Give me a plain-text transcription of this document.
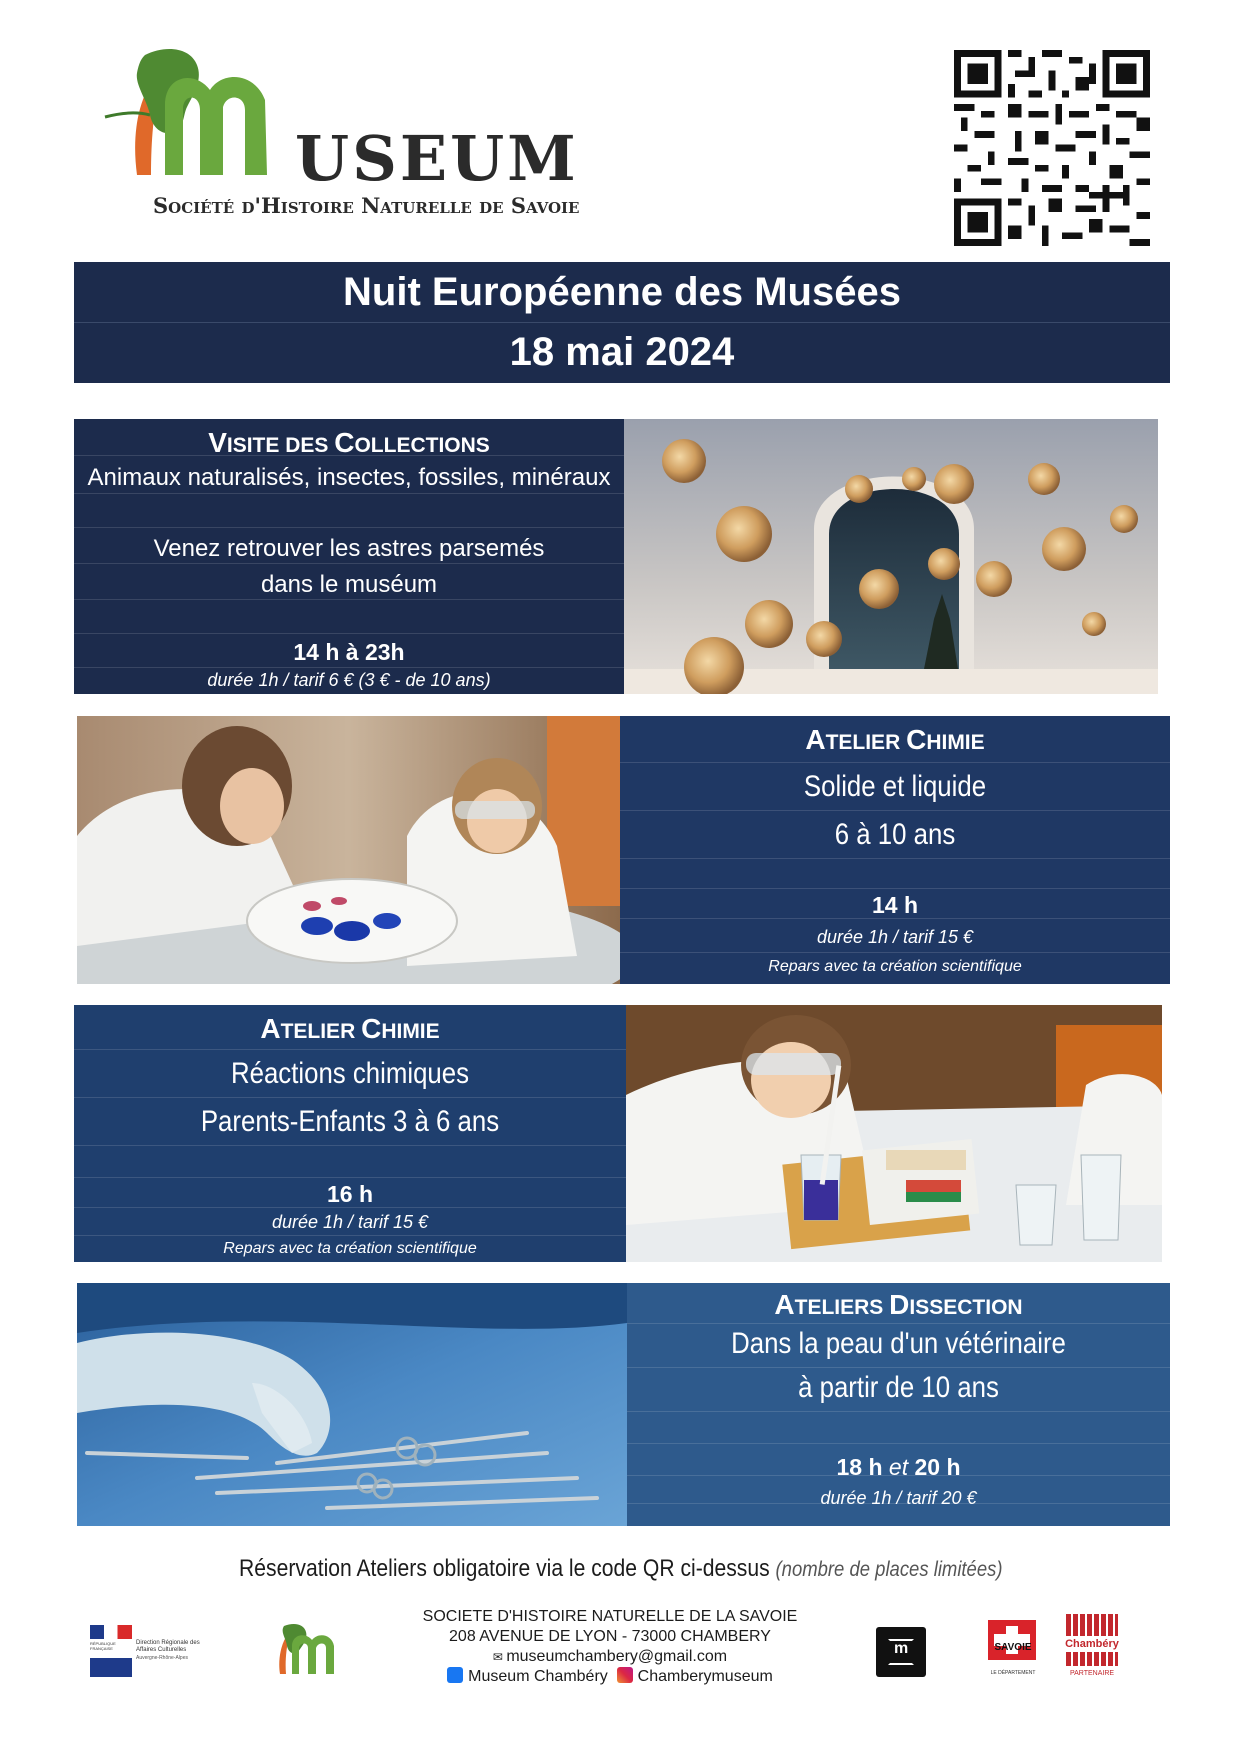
USEUM
Société d'Histoire Naturelle de Savoie
Nuit Européenne des Musées
18 mai 2024
VISITE DES COLLECTIONS
Animaux naturalisés, insectes, fossiles, minéraux
Venez retrouver les astres parsemés
dans le muséum
14 h à 23h
durée 1h / tarif 6 € (3 € - de 10 ans)
ATELIER CHIMIE
Solide et liquide
6 à 10 ans
14 h
durée 1h / tarif 15 €
Repars avec ta création scientifique
ATELIER CHIMIE
Réactions chimiques
Parents-Enfants 3 à 6 ans
16 h
durée 1h / tarif 15 €
Repars avec ta création scientifique
ATELIERS DISSECTION
Dans la peau d'un vétérinaire
à partir de 10 ans
18 h et 20 h
durée 1h / tarif 20 €
Réservation Ateliers obligatoire via le code QR ci-dessus (nombre de places limitées)
RÉPUBLIQUE FRANÇAISE
Direction Régionale des Affaires Culturelles
Auvergne-Rhône-Alpes
SOCIETE D'HISTOIRE NATURELLE DE LA SAVOIE
208 AVENUE DE LYON - 73000 CHAMBERY
✉ museumchambery@gmail.com
Museum Chambéry Chamberymuseum
m	SAVOIE
LE DÉPARTEMENT
Chambéry
PARTENAIRE
